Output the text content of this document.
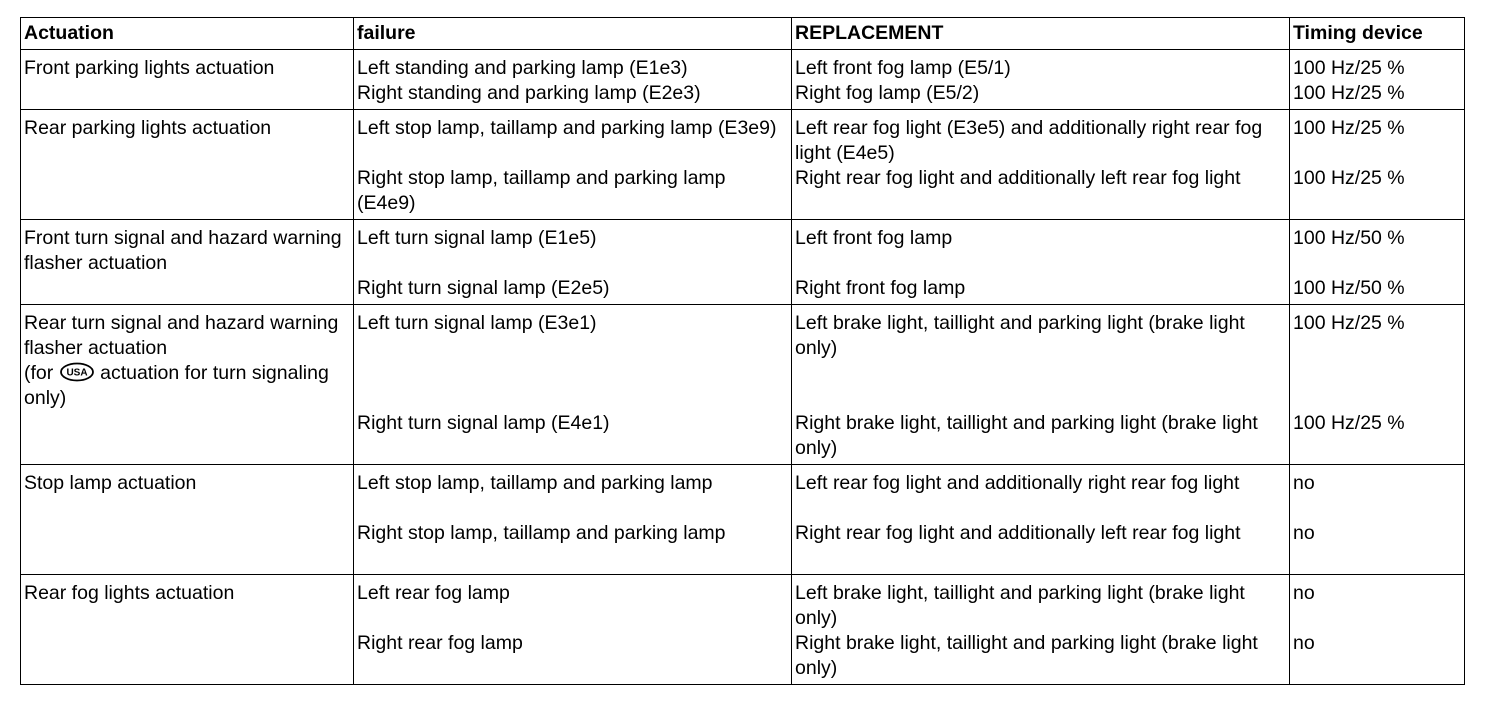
Actuation	failure	REPLACEMENT	Timing device
Front parking lights actuation	Left standing and parking lamp (E1e3)	Left front fog lamp (E5/1)	100 Hz/25 %
	Right standing and parking lamp (E2e3)	Right fog lamp (E5/2)	100 Hz/25 %
Rear parking lights actuation	Left stop lamp, taillamp and parking lamp (E3e9)	Left rear fog light (E3e5) and additionally right rear fog light (E4e5)	100 Hz/25 %
	Right stop lamp, taillamp and parking lamp (E4e9)	Right rear fog light and additionally left rear fog light	100 Hz/25 %
Front turn signal and hazard warning flasher actuation	Left turn signal lamp (E1e5)	Left front fog lamp	100 Hz/50 %
	Right turn signal lamp (E2e5)	Right front fog lamp	100 Hz/50 %
Rear turn signal and hazard warning flasher actuation
(for USA actuation for turn signaling only)	Left turn signal lamp (E3e1)	Left brake light, taillight and parking light (brake light only)	100 Hz/25 %
	Right turn signal lamp (E4e1)	Right brake light, taillight and parking light (brake light only)	100 Hz/25 %
Stop lamp actuation	Left stop lamp, taillamp and parking lamp	Left rear fog light and additionally right rear fog light	no
	Right stop lamp, taillamp and parking lamp	Right rear fog light and additionally left rear fog light	no
Rear fog lights actuation	Left rear fog lamp	Left brake light, taillight and parking light (brake light only)	no
	Right rear fog lamp	Right brake light, taillight and parking light (brake light only)	no
